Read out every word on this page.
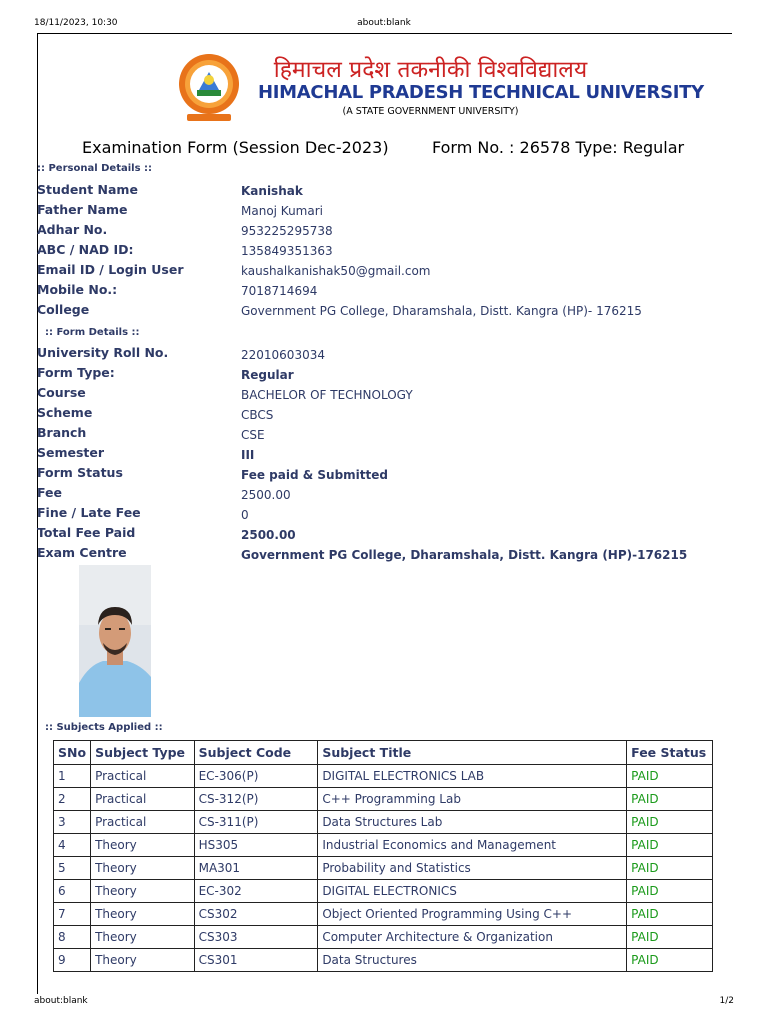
18/11/2023, 10:30	about:blank
हिमाचल प्रदेश तकनीकी विश्वविद्यालय
HIMACHAL PRADESH TECHNICAL UNIVERSITY
(A STATE GOVERNMENT UNIVERSITY)
Examination Form (Session Dec-2023)	Form No. : 26578 Type: Regular
:: Personal Details ::
Student Name	Kanishak
Father Name	Manoj Kumari
Adhar No.	953225295738
ABC / NAD ID:	135849351363
Email ID / Login User	kaushalkanishak50@gmail.com
Mobile No.:	7018714694
College	Government PG College, Dharamshala, Distt. Kangra (HP)- 176215
:: Form Details ::
University Roll No.	22010603034
Form Type:	Regular
Course	BACHELOR OF TECHNOLOGY
Scheme	CBCS
Branch	CSE
Semester	III
Form Status	Fee paid & Submitted
Fee	2500.00
Fine / Late Fee	0
Total Fee Paid	2500.00
Exam Centre	Government PG College, Dharamshala, Distt. Kangra (HP)-176215
:: Subjects Applied ::
SNo	Subject Type	Subject Code	Subject Title	Fee Status
1	Practical	EC-306(P)	DIGITAL ELECTRONICS LAB	PAID
2	Practical	CS-312(P)	C++ Programming Lab	PAID
3	Practical	CS-311(P)	Data Structures Lab	PAID
4	Theory	HS305	Industrial Economics and Management	PAID
5	Theory	MA301	Probability and Statistics	PAID
6	Theory	EC-302	DIGITAL ELECTRONICS	PAID
7	Theory	CS302	Object Oriented Programming Using C++	PAID
8	Theory	CS303	Computer Architecture & Organization	PAID
9	Theory	CS301	Data Structures	PAID
about:blank	1/2
